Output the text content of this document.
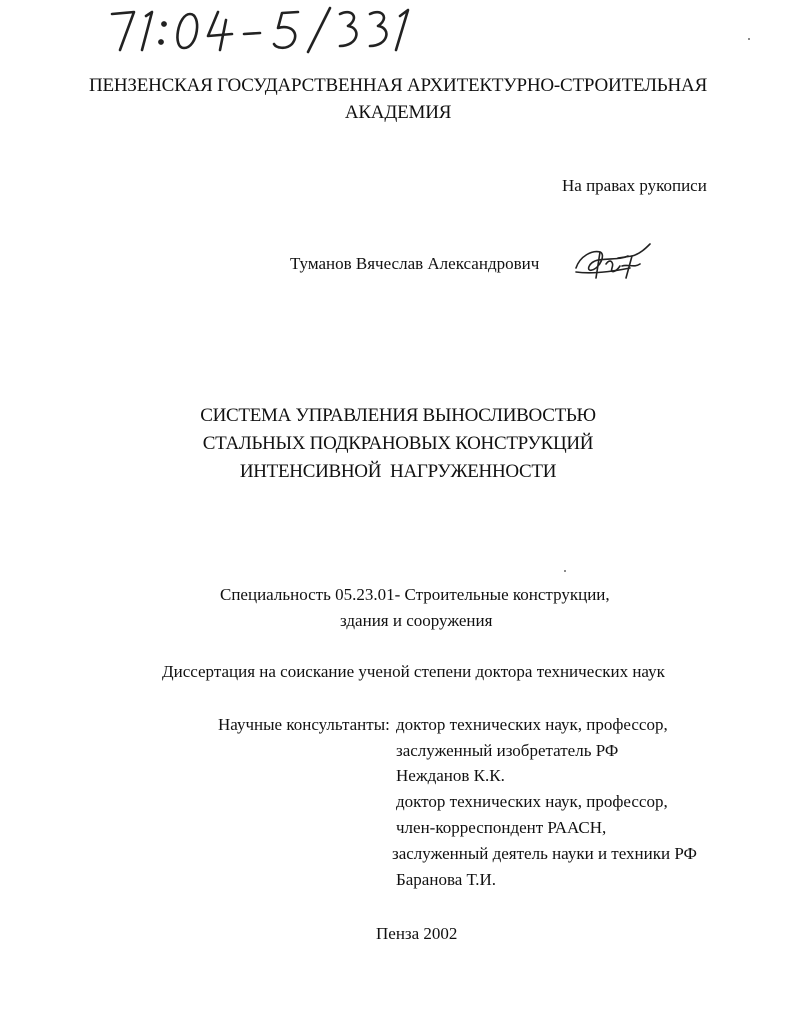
ПЕНЗЕНСКАЯ ГОСУДАРСТВЕННАЯ АРХИТЕКТУРНО-СТРОИТЕЛЬНАЯ
АКАДЕМИЯ
На правах рукописи
Туманов Вячеслав Александрович
СИСТЕМА УПРАВЛЕНИЯ ВЫНОСЛИВОСТЬЮ
СТАЛЬНЫХ ПОДКРАНОВЫХ КОНСТРУКЦИЙ
ИНТЕНСИВНОЙ  НАГРУЖЕННОСТИ
Специальность 05.23.01- Строительные конструкции,
здания и сооружения
Диссертация на соискание ученой степени доктора технических наук
Научные консультанты: доктор технических наук, профессор,
заслуженный изобретатель РФ
Нежданов К.К.
доктор технических наук, профессор,
член-корреспондент РААСН,
заслуженный деятель науки и техники РФ
Баранова Т.И.
Пенза 2002
